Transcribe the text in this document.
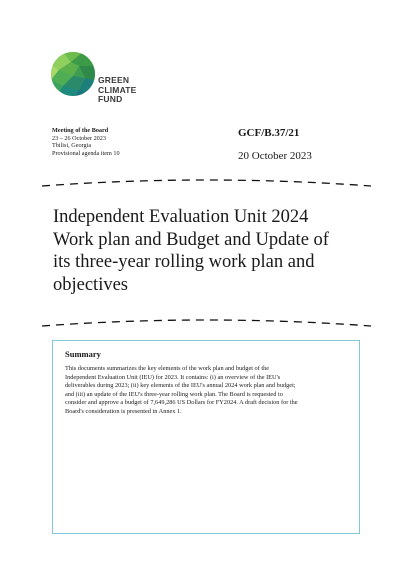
GREEN
CLIMATE
FUND
Meeting of the Board
23 – 26 October 2023
Tbilisi, Georgia
Provisional agenda item 10
GCF/B.37/21
20 October 2023
Independent Evaluation Unit 2024
Work plan and Budget and Update of
its three-year rolling work plan and
objectives
Summary
This documents summarizes the key elements of the work plan and budget of the
Independent Evaluation Unit (IEU) for 2023. It contains: (i) an overview of the IEU's
deliverables during 2023; (ii) key elements of the IEU's annual 2024 work plan and budget;
and (iii) an update of the IEU's three-year rolling work plan. The Board is requested to
consider and approve a budget of 7,649,286 US Dollars for FY2024. A draft decision for the
Board's consideration is presented in Annex 1.
